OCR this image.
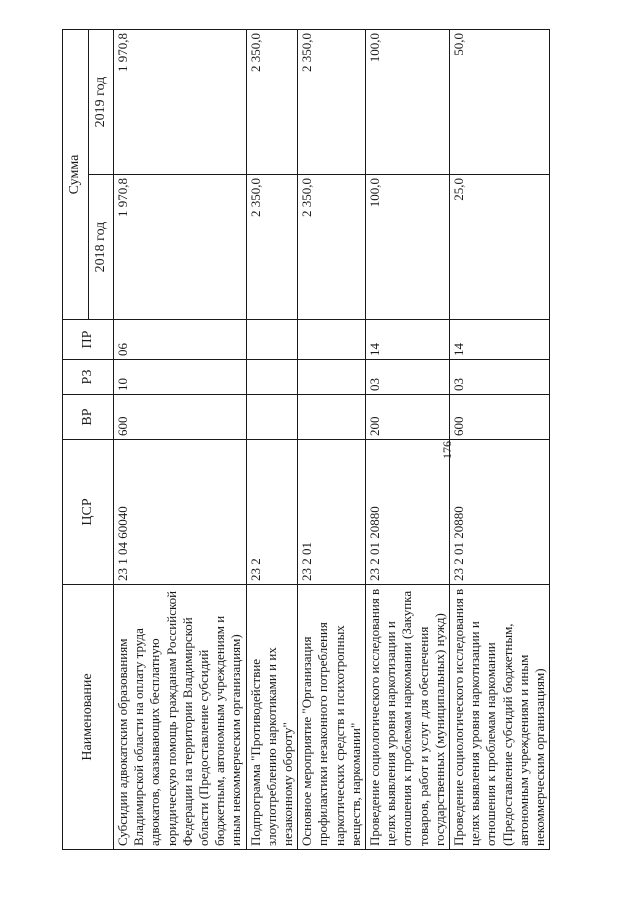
176
Наименование	ЦСР	ВР	РЗ	ПР	Сумма	
					2018 год	2019 год
Субсидии адвокатским образованиям Владимирской области на оплату труда адвокатов, оказывающих бесплатную юридическую помощь гражданам Российской Федерации на территории Владимирской области (Предоставление субсидий бюджетным, автономным учреждениям и иным некоммерческим организациям)	23 1 04 60040	600	10	06	1 970,8	1 970,8
Подпрограмма "Противодействие злоупотреблению наркотиками и их незаконному обороту"	23 2				2 350,0	2 350,0
Основное мероприятие "Организация профилактики незаконного потребления наркотических средств и психотропных веществ, наркомании"	23 2 01				2 350,0	2 350,0
Проведение социологического исследования в целях выявления уровня наркотизации и отношения к проблемам наркомании (Закупка товаров, работ и услуг для обеспечения государственных (муниципальных) нужд)	23 2 01 20880	200	03	14	100,0	100,0
Проведение социологического исследования в целях выявления уровня наркотизации и отношения к проблемам наркомании (Предоставление субсидий бюджетным, автономным учреждениям и иным некоммерческим организациям)	23 2 01 20880	600	03	14	25,0	50,0
